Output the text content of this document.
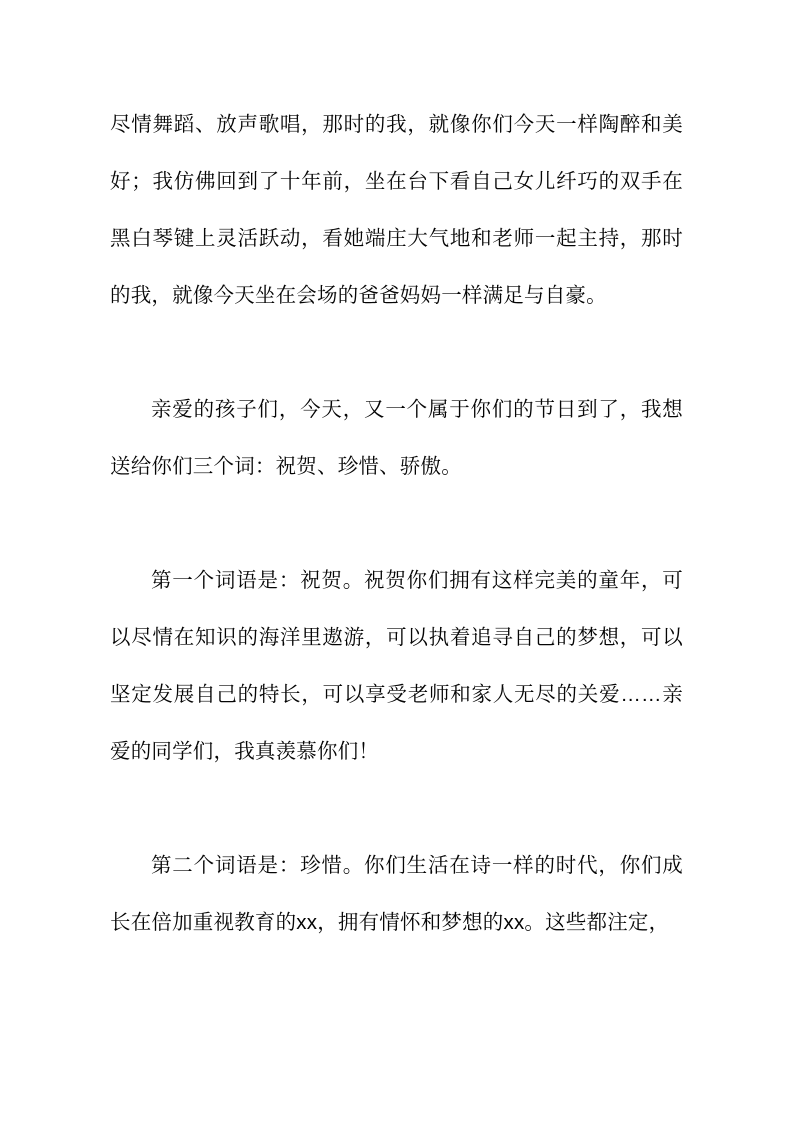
尽情舞蹈、放声歌唱，那时的我，就像你们今天一样陶醉和美好；我仿佛回到了十年前，坐在台下看自己女儿纤巧的双手在黑白琴键上灵活跃动，看她端庄大气地和老师一起主持，那时的我，就像今天坐在会场的爸爸妈妈一样满足与自豪。

亲爱的孩子们，今天，又一个属于你们的节日到了，我想送给你们三个词：祝贺、珍惜、骄傲。

第一个词语是：祝贺。祝贺你们拥有这样完美的童年，可以尽情在知识的海洋里遨游，可以执着追寻自己的梦想，可以坚定发展自己的特长，可以享受老师和家人无尽的关爱……亲爱的同学们，我真羡慕你们！

第二个词语是：珍惜。你们生活在诗一样的时代，你们成长在倍加重视教育的xx，拥有情怀和梦想的xx。这些都注定，
